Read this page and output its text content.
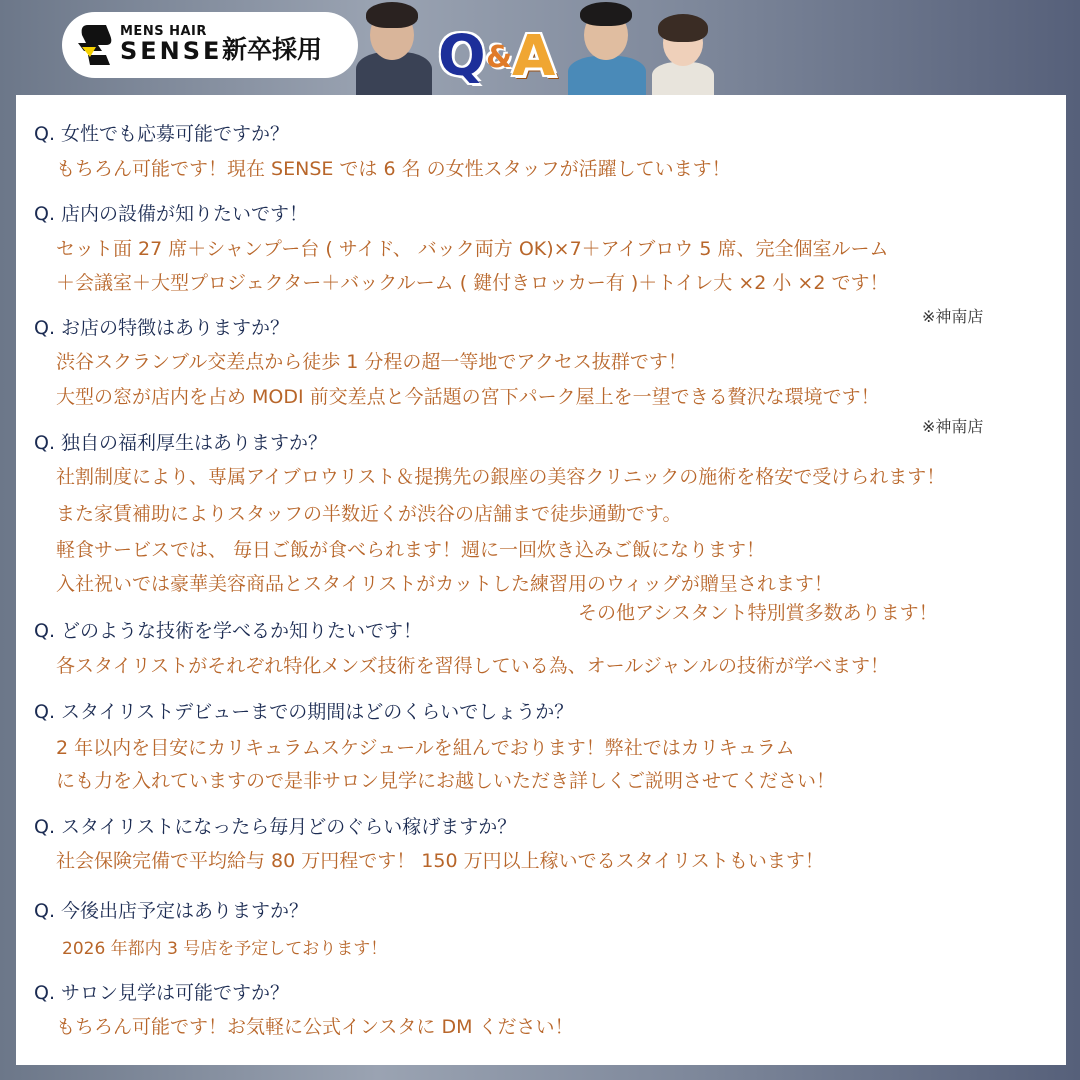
MENS HAIR
SENSE 新卒採用 Q & A
Q. 女性でも応募可能ですか？
もちろん可能です！現在 SENSE では 6 名 の女性スタッフが活躍しています！
Q. 店内の設備が知りたいです！
セット面 27 席＋シャンプー台 ( サイド、 バック両方 OK)×7＋アイブロウ 5 席、完全個室ルーム
＋会議室＋大型プロジェクター＋バックルーム ( 鍵付きロッカー有 )＋トイレ大 ×2 小 ×2 です！
※神南店
Q. お店の特徴はありますか？
渋谷スクランブル交差点から徒歩 1 分程の超一等地でアクセス抜群です！
大型の窓が店内を占め MODI 前交差点と今話題の宮下パーク屋上を一望できる贅沢な環境です！
※神南店
Q. 独自の福利厚生はありますか？
社割制度により、専属アイブロウリスト＆提携先の銀座の美容クリニックの施術を格安で受けられます！
また家賃補助によりスタッフの半数近くが渋谷の店舗まで徒歩通勤です。
軽食サービスでは、 毎日ご飯が食べられます！週に一回炊き込みご飯になります！
入社祝いでは豪華美容商品とスタイリストがカットした練習用のウィッグが贈呈されます！
その他アシスタント特別賞多数あります！
Q. どのような技術を学べるか知りたいです！
各スタイリストがそれぞれ特化メンズ技術を習得している為、オールジャンルの技術が学べます！
Q. スタイリストデビューまでの期間はどのくらいでしょうか？
2 年以内を目安にカリキュラムスケジュールを組んでおります！弊社ではカリキュラム
にも力を入れていますので是非サロン見学にお越しいただき詳しくご説明させてください！
Q. スタイリストになったら毎月どのぐらい稼げますか？
社会保険完備で平均給与 80 万円程です！ 150 万円以上稼いでるスタイリストもいます！
Q. 今後出店予定はありますか？
2026 年都内 3 号店を予定しております！
Q. サロン見学は可能ですか？
もちろん可能です！お気軽に公式インスタに DM ください！
